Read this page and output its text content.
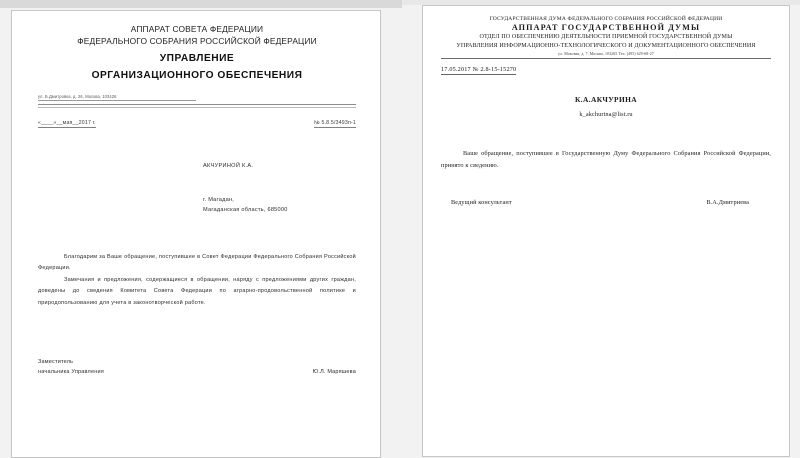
АППАРАТ СОВЕТА ФЕДЕРАЦИИ
ФЕДЕРАЛЬНОГО СОБРАНИЯ РОССИЙСКОЙ ФЕДЕРАЦИИ
УПРАВЛЕНИЕ
ОРГАНИЗАЦИОННОГО ОБЕСПЕЧЕНИЯ
ул. Б.Дмитровка, д. 26, Москва, 103426
«____»__мая__2017 г.	№ 5.8.5/3493п-1
АКЧУРИНОЙ К.А.
г. Магадан,
Магаданская область, 685000

Благодарим за Ваше обращение, поступившее в Совет Федерации Федерального Собрания Российской Федерации.

Замечания и предложения, содержащиеся в обращении, наряду с предложениями других граждан, доведены до сведения Комитета Совета Федерации по аграрно-продовольственной политике и природопользованию для учета в законотворческой работе.

Заместитель
начальника Управления	Ю.Л. Маряшева
ГОСУДАРСТВЕННАЯ ДУМА ФЕДЕРАЛЬНОГО СОБРАНИЯ РОССИЙСКОЙ ФЕДЕРАЦИИ
АППАРАТ ГОСУДАРСТВЕННОЙ ДУМЫ
ОТДЕЛ ПО ОБЕСПЕЧЕНИЮ ДЕЯТЕЛЬНОСТИ ПРИЕМНОЙ ГОСУДАРСТВЕННОЙ ДУМЫ
УПРАВЛЕНИЯ ИНФОРМАЦИОННО-ТЕХНОЛОГИЧЕСКОГО И ДОКУМЕНТАЦИОННОГО ОБЕСПЕЧЕНИЯ
ул. Моховая, д. 7, Москва, 103265 Тел. (495) 629-68-27
17.05.2017 № 2.8-15-15270
К.А.АКЧУРИНА
k_akchurina@list.ru

Ваше обращение, поступившее в Государственную Думу Федерального Собрания Российской Федерации, принято к сведению.

Ведущий консультант	В.А.Дмитриева
